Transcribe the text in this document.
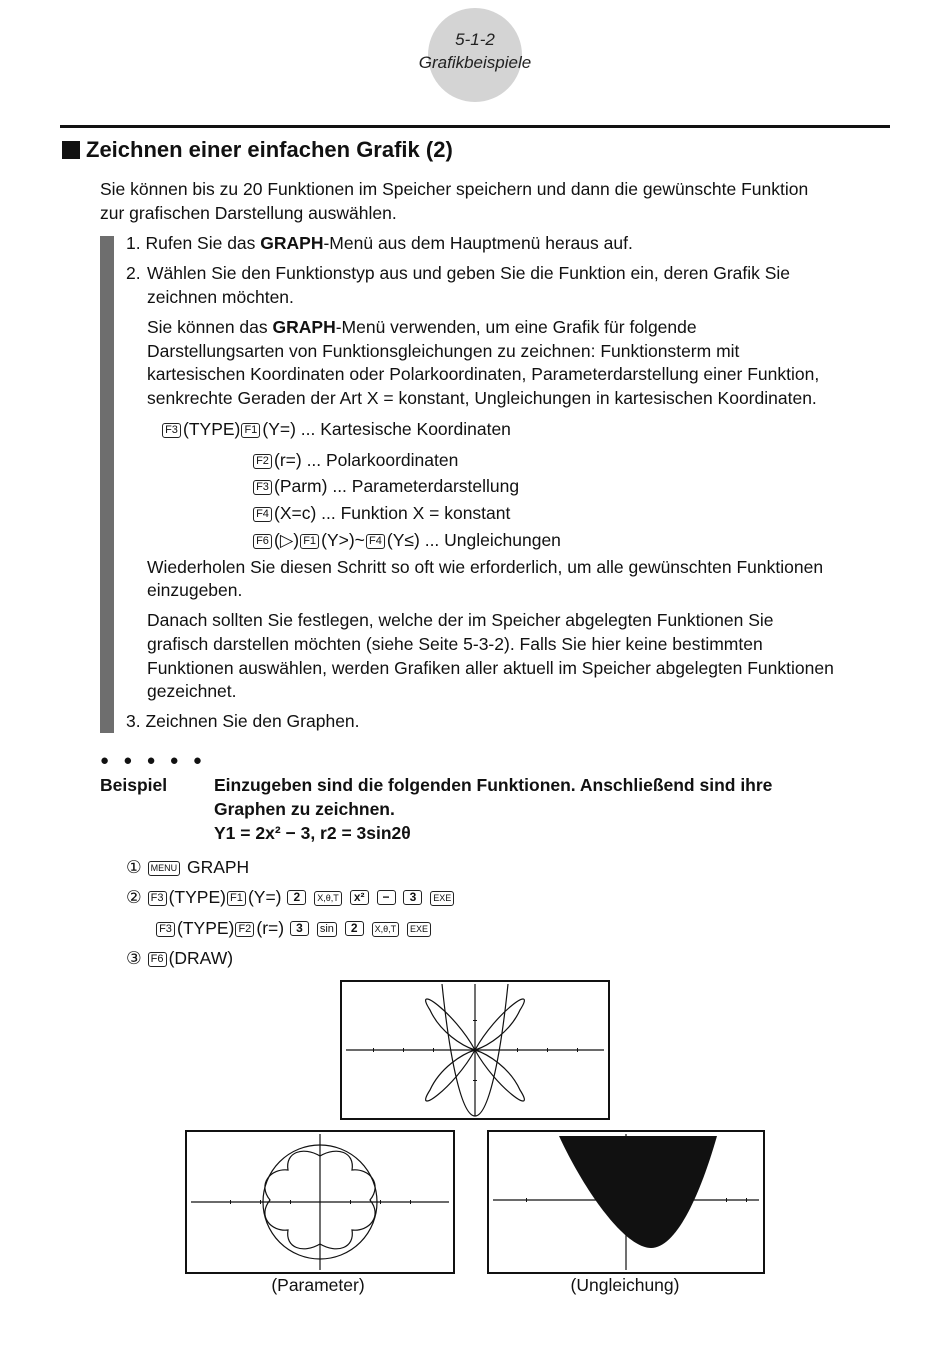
5-1-2
Grafikbeispiele
Zeichnen einer einfachen Grafik (2)
Sie können bis zu 20 Funktionen im Speicher speichern und dann die gewünschte Funktion
zur grafischen Darstellung auswählen.
1. Rufen Sie das GRAPH-Menü aus dem Hauptmenü heraus auf.
2. Wählen Sie den Funktionstyp aus und geben Sie die Funktion ein, deren Grafik Sie
zeichnen möchten.
Sie können das GRAPH-Menü verwenden, um eine Grafik für folgende
Darstellungsarten von Funktionsgleichungen zu zeichnen: Funktionsterm mit
kartesischen Koordinaten oder Polarkoordinaten, Parameterdarstellung einer Funktion,
senkrechte Geraden der Art X = konstant, Ungleichungen in kartesischen Koordinaten.
F3 (TYPE) F1 (Y=) ... Kartesische Koordinaten
F2 (r=) ... Polarkoordinaten
F3 (Parm) ... Parameterdarstellung
F4 (X=c) ... Funktion X = konstant
F6 (▷) F1 (Y>)~ F4 (Y≤) ... Ungleichungen
Wiederholen Sie diesen Schritt so oft wie erforderlich, um alle gewünschten Funktionen
einzugeben.
Danach sollten Sie festlegen, welche der im Speicher abgelegten Funktionen Sie
grafisch darstellen möchten (siehe Seite 5-3-2). Falls Sie hier keine bestimmten
Funktionen auswählen, werden Grafiken aller aktuell im Speicher abgelegten Funktionen
gezeichnet.
3. Zeichnen Sie den Graphen.
● ● ● ● ●
Beispiel	Einzugeben sind die folgenden Funktionen. Anschließend sind ihre
Graphen zu zeichnen.
Y1 = 2x² − 3, r2 = 3sin2θ
① MENU GRAPH
② F3 (TYPE) F1 (Y=) 2 X,θ,T x² − 3 EXE
F3 (TYPE) F2 (r=) 3 sin 2 X,θ,T EXE
③ F6 (DRAW)
(Parameter)	(Ungleichung)
